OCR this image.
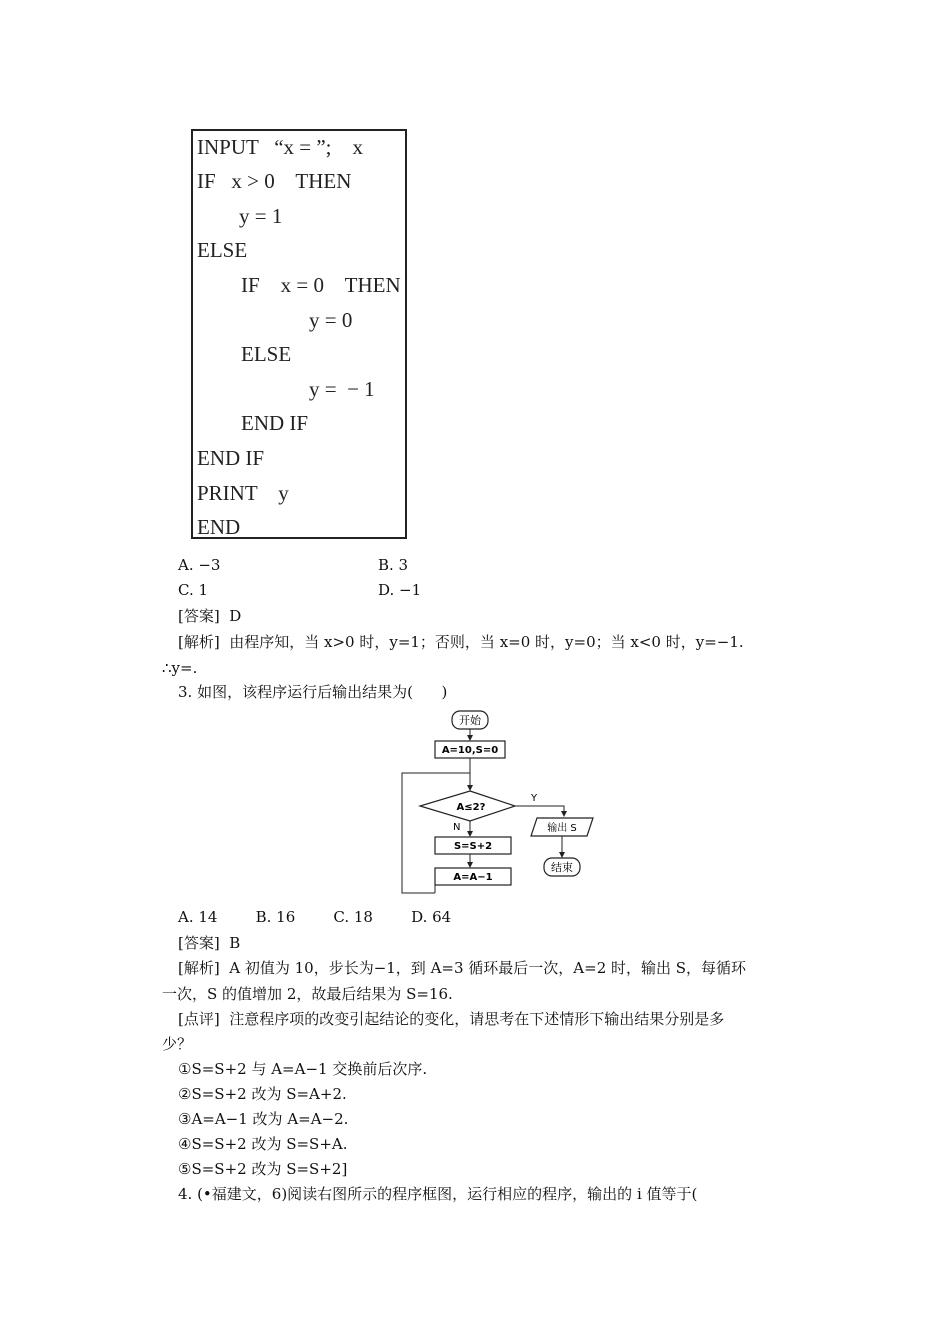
INPUT   “x = ”;    x
IF   x > 0    THEN
y = 1
ELSE
IF    x = 0    THEN
y = 0
ELSE
y =  − 1
END IF
END IF
PRINT    y
END
A. −3	B. 3
C. 1	D. −1
[答案]  D
[解析]  由程序知，当 x>0 时，y=1；否则，当 x=0 时，y=0；当 x<0 时，y=−1.
∴y=.
3. 如图，该程序运行后输出结果为(      )
开始
A=10,S=0
A≤2?
Y
输出 S
结束
N
S=S+2
A=A−1
A. 14        B. 16        C. 18        D. 64
[答案]  B
[解析]  A 初值为 10，步长为−1，到 A=3 循环最后一次，A=2 时，输出 S，每循环
一次，S 的值增加 2，故最后结果为 S=16.
[点评]  注意程序项的改变引起结论的变化，请思考在下述情形下输出结果分别是多
少？
①S=S+2 与 A=A−1 交换前后次序.
②S=S+2 改为 S=A+2.
③A=A−1 改为 A=A−2.
④S=S+2 改为 S=S+A.
⑤S=S+2 改为 S=S+2]
4. (•福建文，6)阅读右图所示的程序框图，运行相应的程序，输出的 i 值等于(
